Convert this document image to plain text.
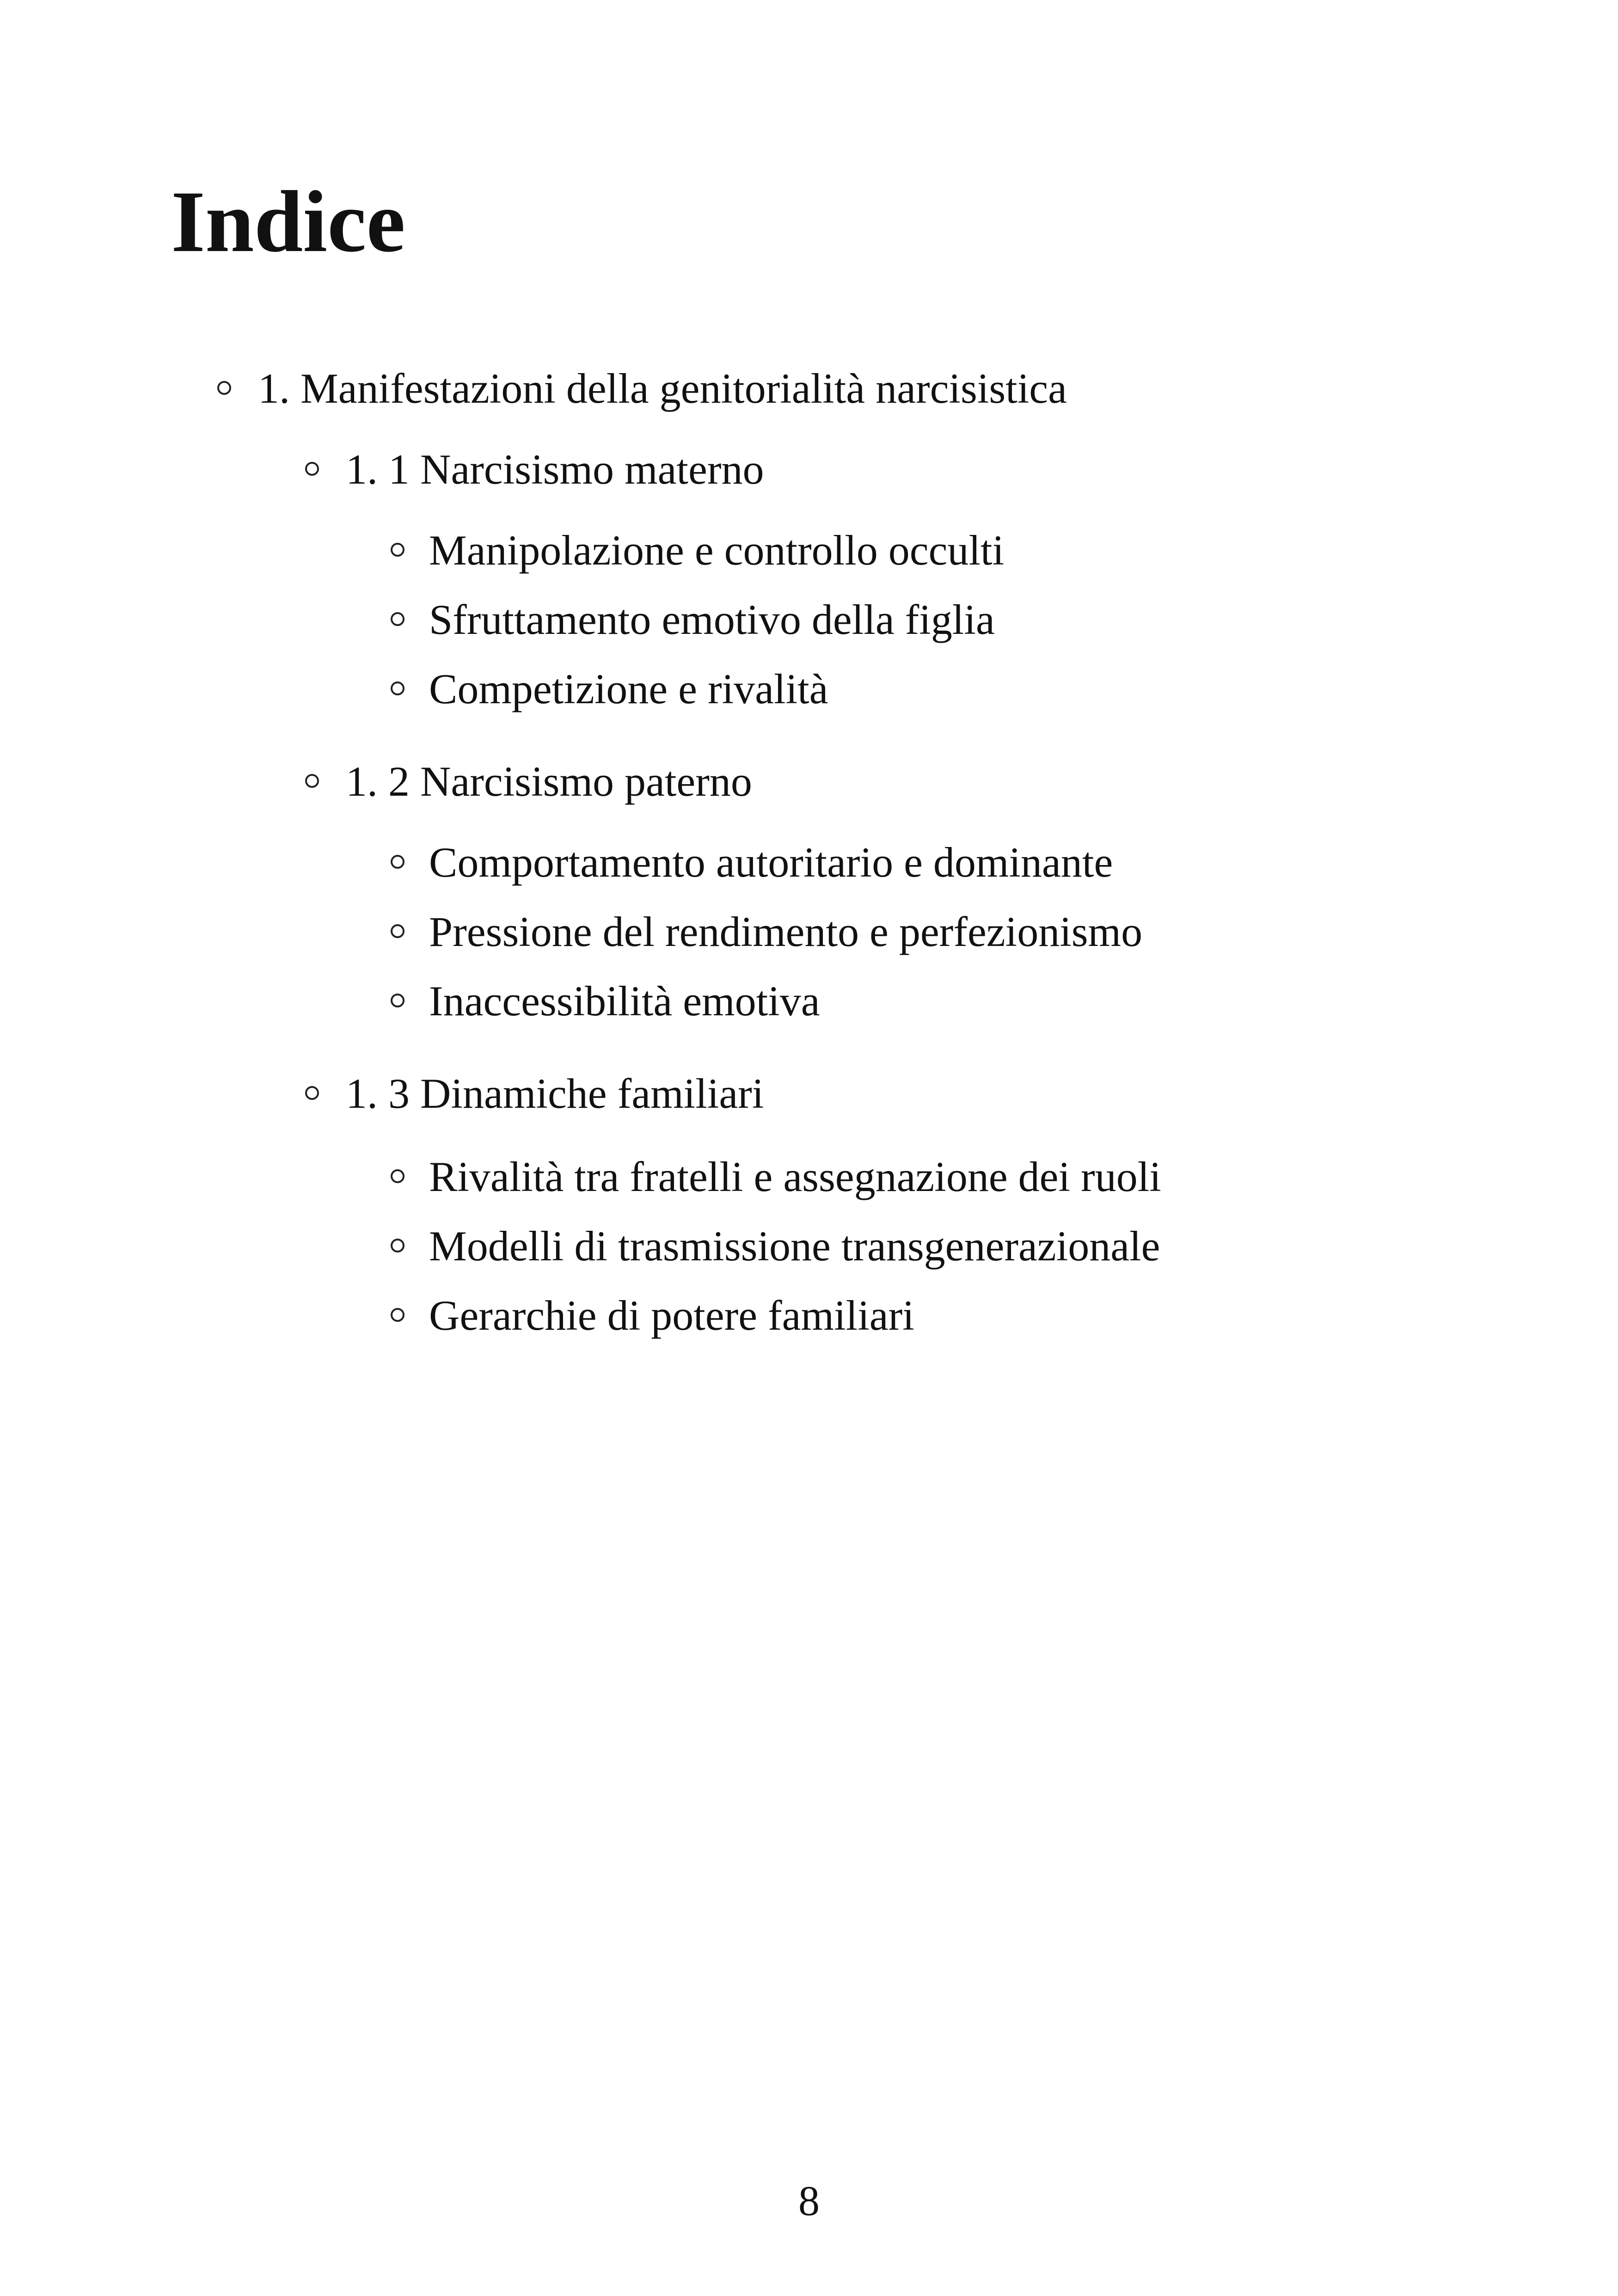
Indice
1. Manifestazioni della genitorialità narcisistica
1. 1 Narcisismo materno
Manipolazione e controllo occulti
Sfruttamento emotivo della figlia
Competizione e rivalità
1. 2 Narcisismo paterno
Comportamento autoritario e dominante
Pressione del rendimento e perfezionismo
Inaccessibilità emotiva
1. 3 Dinamiche familiari
Rivalità tra fratelli e assegnazione dei ruoli
Modelli di trasmissione transgenerazionale
Gerarchie di potere familiari
8
